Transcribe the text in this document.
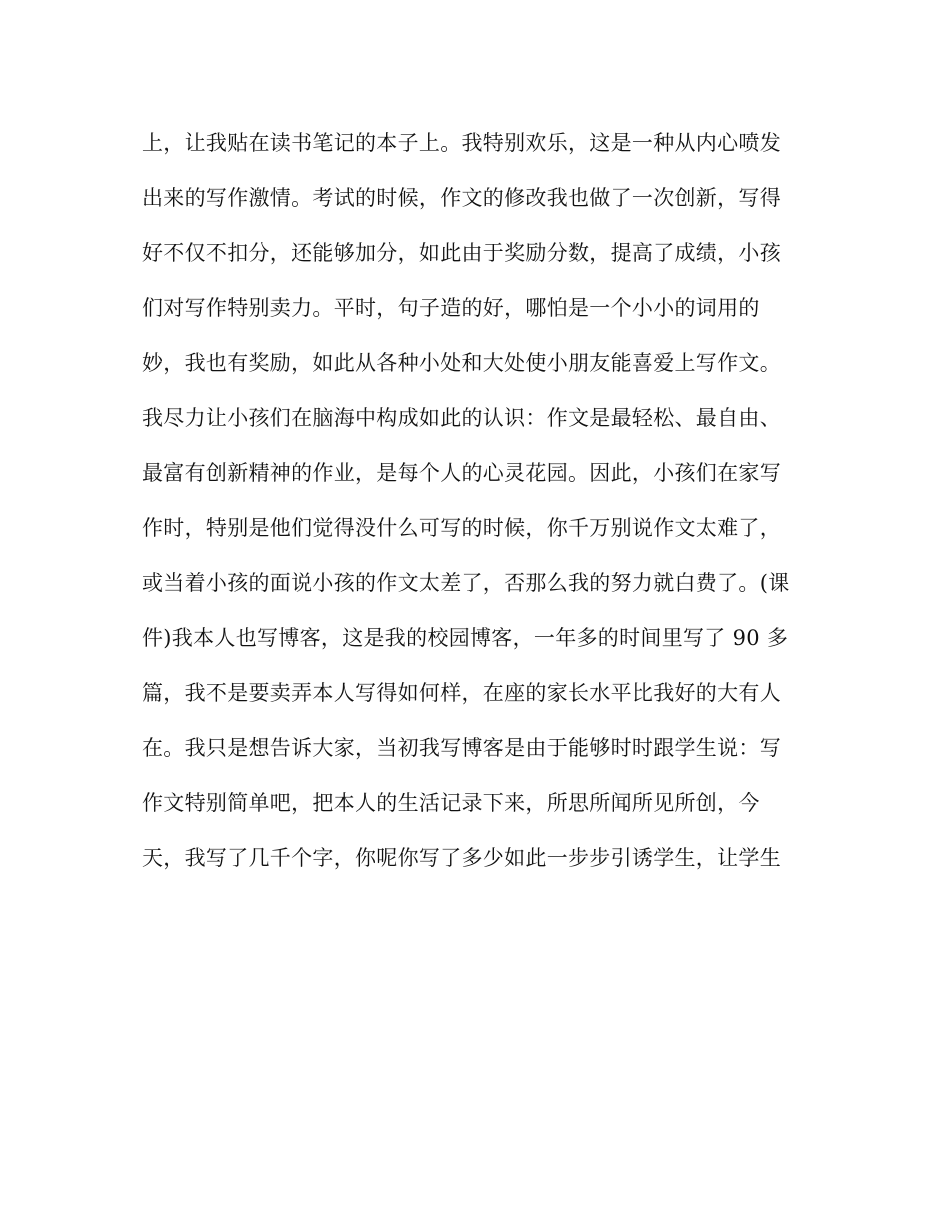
上，让我贴在读书笔记的本子上。我特别欢乐，这是一种从内心喷发
出来的写作激情。考试的时候，作文的修改我也做了一次创新，写得
好不仅不扣分，还能够加分，如此由于奖励分数，提高了成绩，小孩
们对写作特别卖力。平时，句子造的好，哪怕是一个小小的词用的
妙，我也有奖励，如此从各种小处和大处使小朋友能喜爱上写作文。
我尽力让小孩们在脑海中构成如此的认识：作文是最轻松、最自由、
最富有创新精神的作业，是每个人的心灵花园。因此，小孩们在家写
作时，特别是他们觉得没什么可写的时候，你千万别说作文太难了，
或当着小孩的面说小孩的作文太差了，否那么我的努力就白费了。(课
件)我本人也写博客，这是我的校园博客，一年多的时间里写了 90 多
篇，我不是要卖弄本人写得如何样，在座的家长水平比我好的大有人
在。我只是想告诉大家，当初我写博客是由于能够时时跟学生说：写
作文特别简单吧，把本人的生活记录下来，所思所闻所见所创，今
天，我写了几千个字，你呢你写了多少如此一步步引诱学生，让学生
